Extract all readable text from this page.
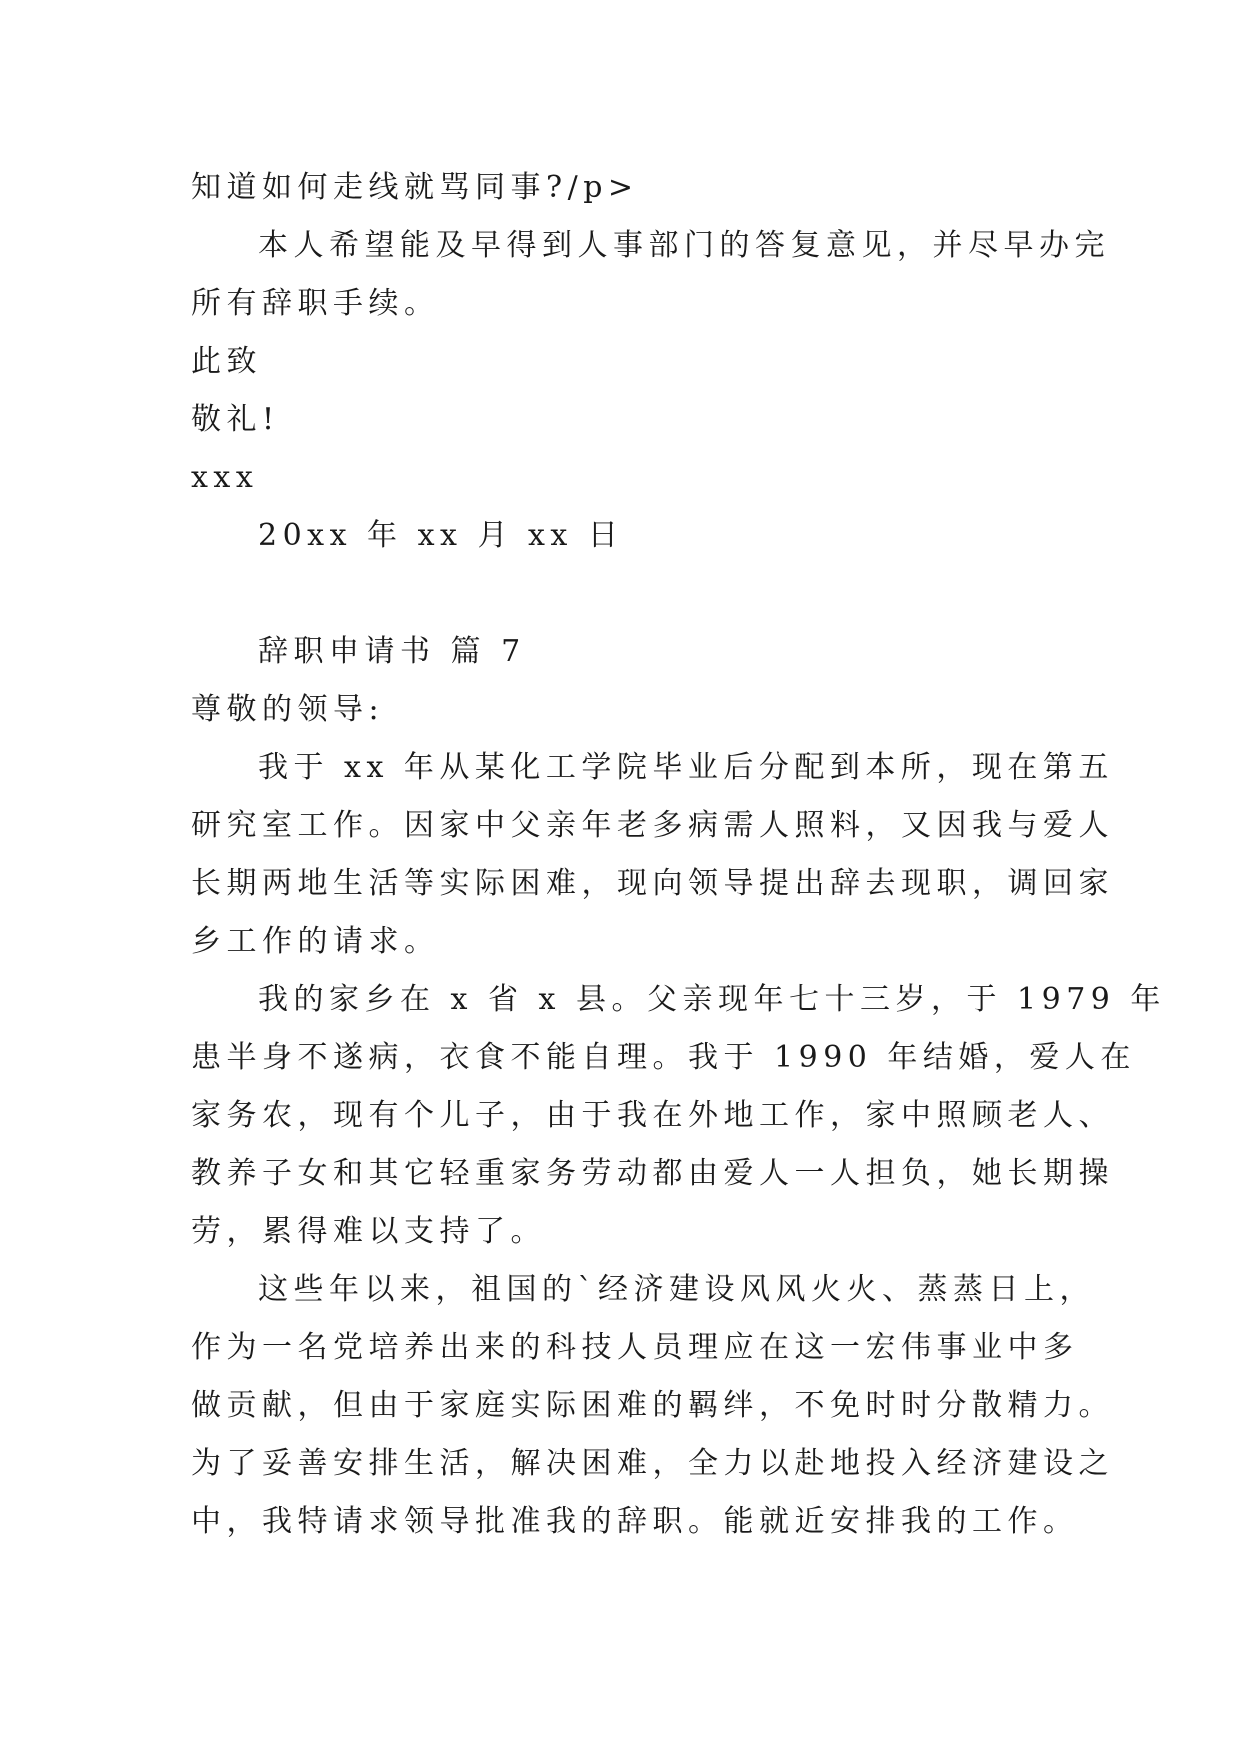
知道如何走线就骂同事?/p>
本人希望能及早得到人事部门的答复意见，并尽早办完
所有辞职手续。
此致
敬礼!
xxx
20xx 年 xx 月 xx 日
辞职申请书 篇 7
尊敬的领导:
我于 xx 年从某化工学院毕业后分配到本所，现在第五
研究室工作。因家中父亲年老多病需人照料，又因我与爱人
长期两地生活等实际困难，现向领导提出辞去现职，调回家
乡工作的请求。
我的家乡在 x 省 x 县。父亲现年七十三岁，于 1979 年
患半身不遂病，衣食不能自理。我于 1990 年结婚，爱人在
家务农，现有个儿子，由于我在外地工作，家中照顾老人、
教养子女和其它轻重家务劳动都由爱人一人担负，她长期操
劳，累得难以支持了。
这些年以来，祖国的`经济建设风风火火、蒸蒸日上，
作为一名党培养出来的科技人员理应在这一宏伟事业中多
做贡献，但由于家庭实际困难的羁绊，不免时时分散精力。
为了妥善安排生活，解决困难，全力以赴地投入经济建设之
中，我特请求领导批准我的辞职。能就近安排我的工作。
